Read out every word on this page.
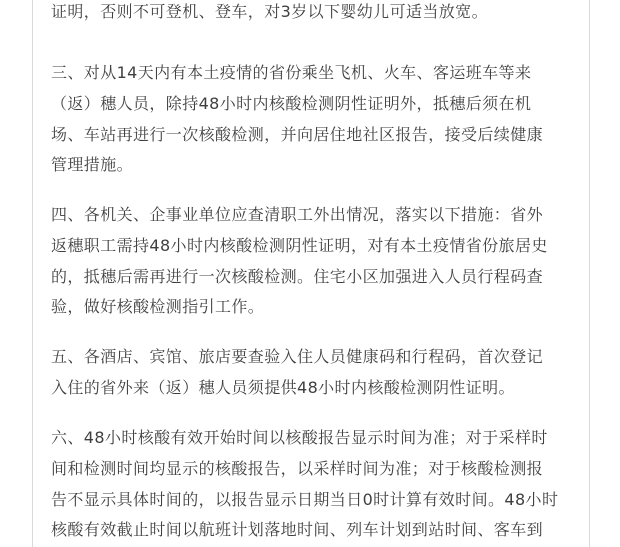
证明，否则不可登机、登车，对3岁以下婴幼儿可适当放宽。
三、对从14天内有本土疫情的省份乘坐飞机、火车、客运班车等来
（返）穗人员，除持48小时内核酸检测阴性证明外，抵穗后须在机
场、车站再进行一次核酸检测，并向居住地社区报告，接受后续健康
管理措施。
四、各机关、企事业单位应查清职工外出情况，落实以下措施：省外
返穗职工需持48小时内核酸检测阴性证明，对有本土疫情省份旅居史
的，抵穗后需再进行一次核酸检测。住宅小区加强进入人员行程码查
验，做好核酸检测指引工作。
五、各酒店、宾馆、旅店要查验入住人员健康码和行程码，首次登记
入住的省外来（返）穗人员须提供48小时内核酸检测阴性证明。
六、48小时核酸有效开始时间以核酸报告显示时间为准；对于采样时
间和检测时间均显示的核酸报告，以采样时间为准；对于核酸检测报
告不显示具体时间的，以报告显示日期当日0时计算有效时间。48小时
核酸有效截止时间以航班计划落地时间、列车计划到站时间、客车到
